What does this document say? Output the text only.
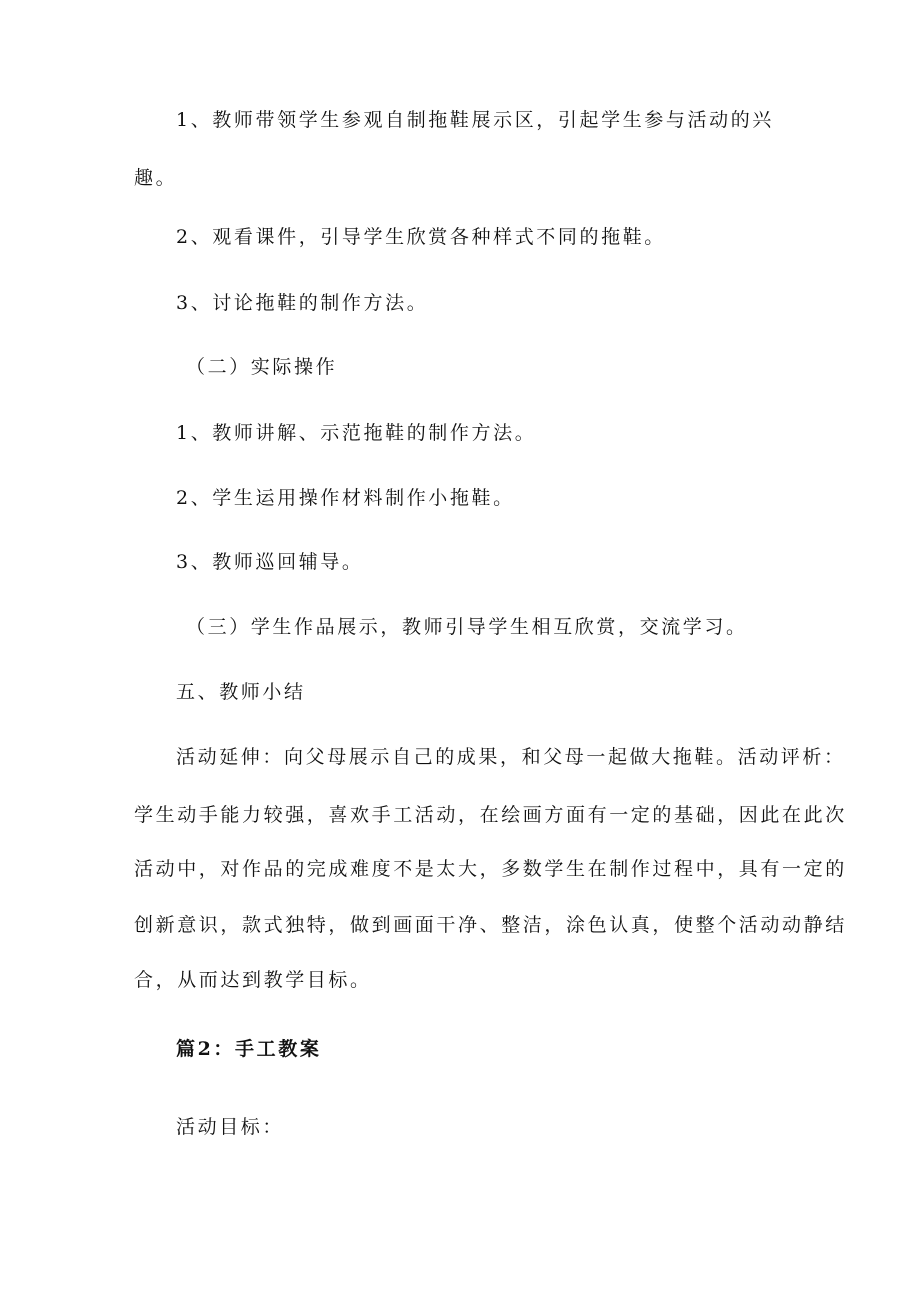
1、教师带领学生参观自制拖鞋展示区，引起学生参与活动的兴
趣。
2、观看课件，引导学生欣赏各种样式不同的拖鞋。
3、讨论拖鞋的制作方法。
（二）实际操作
1、教师讲解、示范拖鞋的制作方法。
2、学生运用操作材料制作小拖鞋。
3、教师巡回辅导。
（三）学生作品展示，教师引导学生相互欣赏，交流学习。
五、教师小结
活动延伸：向父母展示自己的成果，和父母一起做大拖鞋。活动评析：
学生动手能力较强，喜欢手工活动，在绘画方面有一定的基础，因此在此次
活动中，对作品的完成难度不是太大，多数学生在制作过程中，具有一定的
创新意识，款式独特，做到画面干净、整洁，涂色认真，使整个活动动静结
合，从而达到教学目标。
篇2：手工教案
活动目标：
